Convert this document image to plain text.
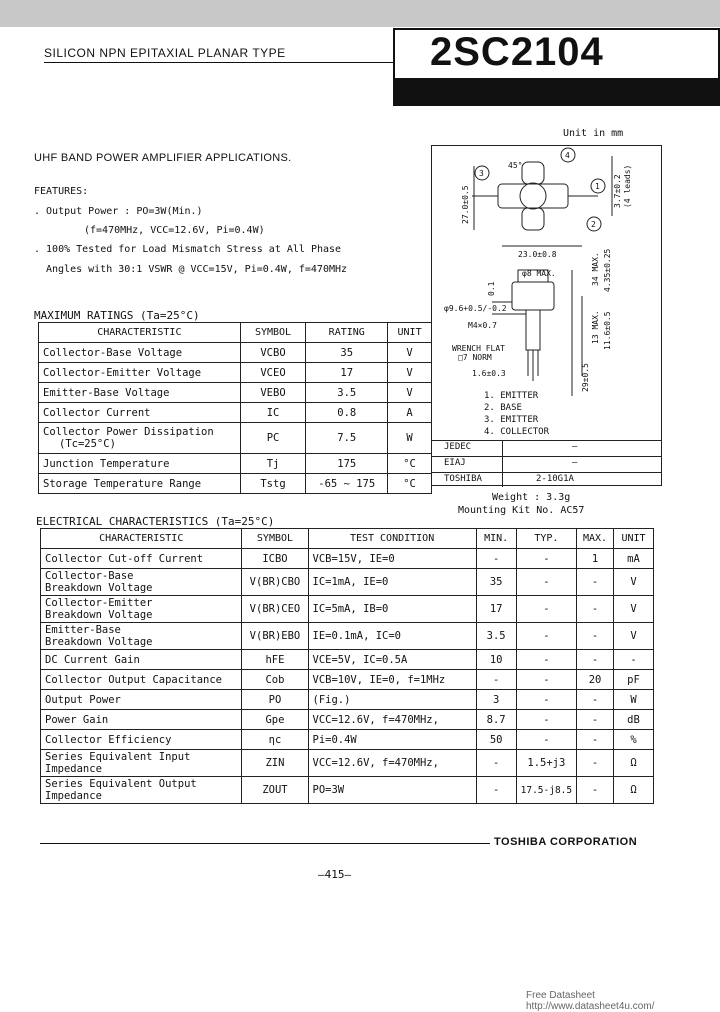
SILICON NPN EPITAXIAL PLANAR TYPE	2SC2104
UHF BAND POWER AMPLIFIER APPLICATIONS.
FEATURES:
. Output Power : PO=3W(Min.)
(f=470MHz, VCC=12.6V, Pi=0.4W)
. 100% Tested for Load Mismatch Stress at All Phase
Angles with 30:1 VSWR @ VCC=15V, Pi=0.4W, f=470MHz
Unit in mm
3
4
2
1
45°
27.0±0.5
23.0±0.8
3.7±0.2 (4 leads)
φ8 MAX.
φ9.6+0.5/-0.2
M4×0.7
WRENCH FLAT
□7 NORM
0.1
1.6±0.3
34 MAX. 4.35±0.25
13 MAX. 11.6±0.5
29±0.5
1. EMITTER
2. BASE
3. EMITTER
4. COLLECTOR
JEDEC	—
EIAJ	—
TOSHIBA	2-10G1A
Weight : 3.3g
Mounting Kit No. AC57
MAXIMUM RATINGS (Ta=25°C)
CHARACTERISTIC	SYMBOL	RATING	UNIT
Collector-Base Voltage	VCBO	35	V
Collector-Emitter Voltage	VCEO	17	V
Emitter-Base Voltage	VEBO	3.5	V
Collector Current	IC	0.8	A

Collector Power Dissipation
(Tc=25°C)	PC	7.5	W
Junction Temperature	Tj	175	°C
Storage Temperature Range	Tstg	-65 ~ 175	°C
ELECTRICAL CHARACTERISTICS (Ta=25°C)
CHARACTERISTIC	SYMBOL	TEST CONDITION	MIN.	TYP.	MAX.	UNIT
Collector Cut-off Current	ICBO	VCB=15V, IE=0	-	-	1	mA

Collector-Base
Breakdown Voltage	V(BR)CBO	IC=1mA, IE=0	35	-	-	V

Collector-Emitter
Breakdown Voltage	V(BR)CEO	IC=5mA, IB=0	17	-	-	V

Emitter-Base
Breakdown Voltage	V(BR)EBO	IE=0.1mA, IC=0	3.5	-	-	V
DC Current Gain	hFE	VCE=5V, IC=0.5A	10	-	-	-
Collector Output Capacitance	Cob	VCB=10V, IE=0, f=1MHz	-	-	20	pF
Output Power	PO	(Fig.)	3	-	-	W
Power Gain	Gpe	VCC=12.6V, f=470MHz,	8.7	-	-	dB
Collector Efficiency	ηc	Pi=0.4W	50	-	-	%

Series Equivalent Input
Impedance	ZIN	VCC=12.6V, f=470MHz,	-	1.5+j3	-	Ω

Series Equivalent Output
Impedance	ZOUT	PO=3W	-	17.5-j8.5	-	Ω
TOSHIBA CORPORATION
—415—
Free Datasheet http://www.datasheet4u.com/
